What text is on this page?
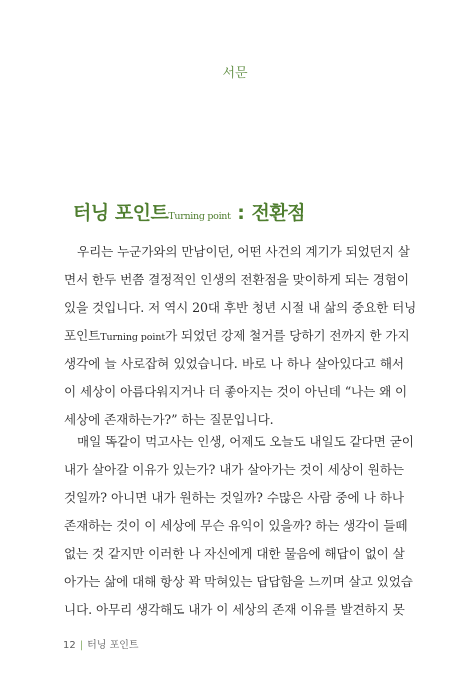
서문
터닝 포인트Turning point : 전환점
우리는 누군가와의 만남이던, 어떤 사건의 계기가 되었던지 살
면서 한두 번쯤 결정적인 인생의 전환점을 맞이하게 되는 경험이
있을 것입니다. 저 역시 20대 후반 청년 시절 내 삶의 중요한 터닝
포인트Turning point가 되었던 강제 철거를 당하기 전까지 한 가지
생각에 늘 사로잡혀 있었습니다. 바로 나 하나 살아있다고 해서
이 세상이 아름다워지거나 더 좋아지는 것이 아닌데 “나는 왜 이
세상에 존재하는가?” 하는 질문입니다.
매일 똑같이 먹고사는 인생, 어제도 오늘도 내일도 같다면 굳이
내가 살아갈 이유가 있는가? 내가 살아가는 것이 세상이 원하는
것일까? 아니면 내가 원하는 것일까? 수많은 사람 중에 나 하나
존재하는 것이 이 세상에 무슨 유익이 있을까? 하는 생각이 들떼
없는 것 같지만 이러한 나 자신에게 대한 물음에 해답이 없이 살
아가는 삶에 대해 항상 꽉 막혀있는 답답함을 느끼며 살고 있었습
니다. 아무리 생각해도 내가 이 세상의 존재 이유를 발견하지 못
12 | 터닝 포인트
